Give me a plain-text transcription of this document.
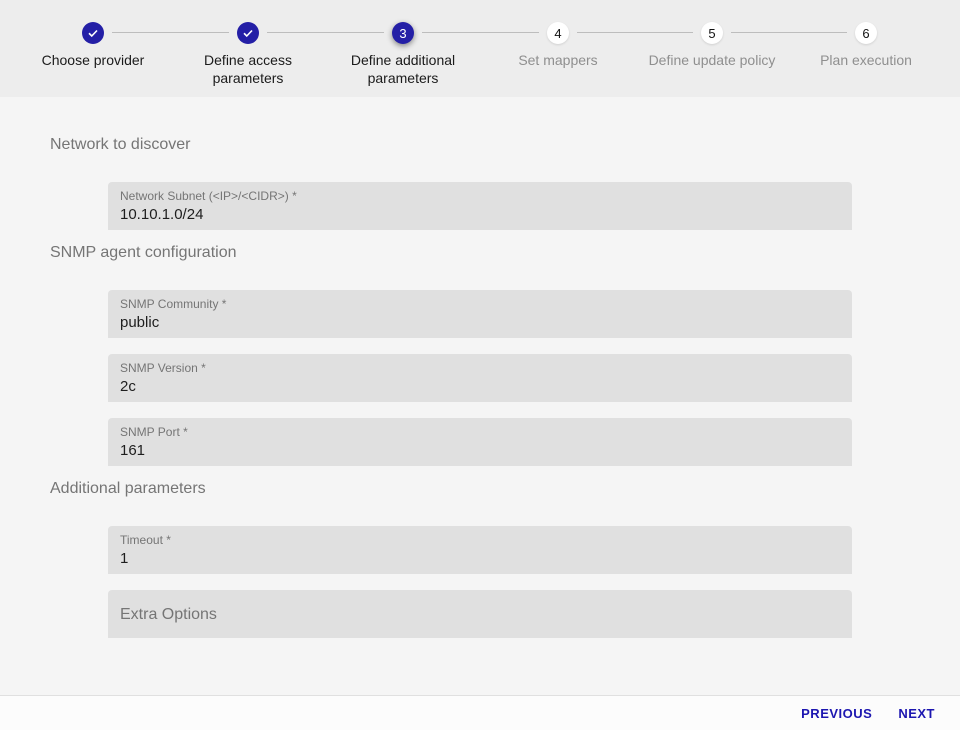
Choose provider	Define access parameters
3
Define additional parameters
4
Set mappers
5
Define update policy
6
Plan execution
Network to discover
Network Subnet (<IP>/<CIDR>) *
10.10.1.0/24
SNMP agent configuration
SNMP Community *
public
SNMP Version *
2c
SNMP Port *
161
Additional parameters
Timeout *
1
Extra Options
PREVIOUS NEXT
